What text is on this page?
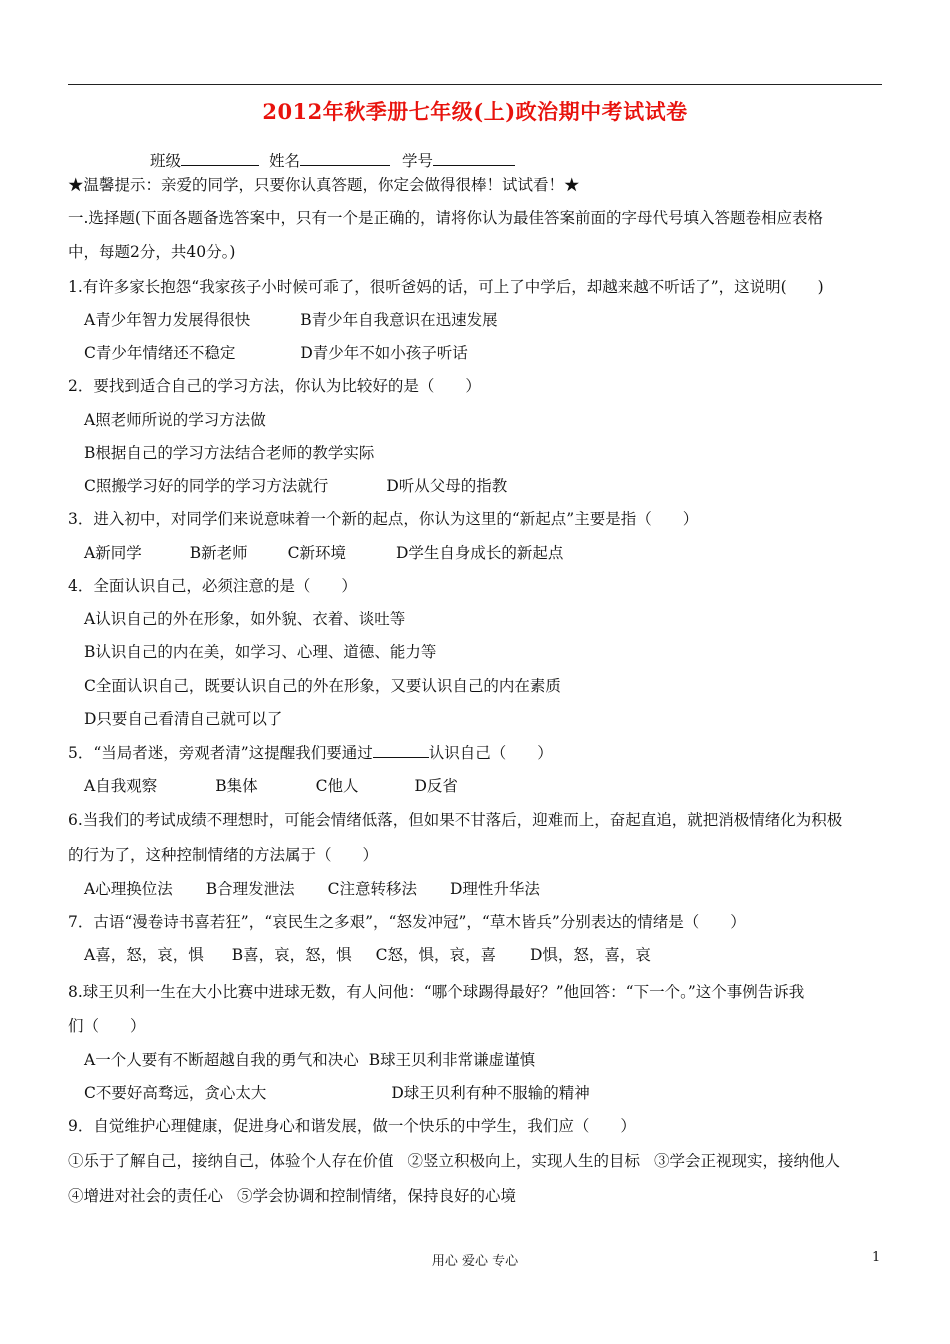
2012年秋季册七年级(上)政治期中考试试卷
班级	姓名	学号
★温馨提示：亲爱的同学，只要你认真答题，你定会做得很棒！试试看！★
一.选择题(下面各题备选答案中，只有一个是正确的，请将你认为最佳答案前面的字母代号填入答题卷相应表格
中，每题2分，共40分。)
1.有许多家长抱怨“我家孩子小时候可乖了，很听爸妈的话，可上了中学后，却越来越不听话了”，这说明(　　)
A青少年智力发展得很快	B青少年自我意识在迅速发展
C青少年情绪还不稳定	D青少年不如小孩子听话
2．要找到适合自己的学习方法，你认为比较好的是（　　）
A照老师所说的学习方法做
B根据自己的学习方法结合老师的教学实际
C照搬学习好的同学的学习方法就行	D听从父母的指教
3．进入初中，对同学们来说意味着一个新的起点，你认为这里的“新起点”主要是指（　　）
A新同学	B新老师	C新环境	D学生自身成长的新起点
4．全面认识自己，必须注意的是（　　）
A认识自己的外在形象，如外貌、衣着、谈吐等
B认识自己的内在美，如学习、心理、道德、能力等
C全面认识自己，既要认识自己的外在形象，又要认识自己的内在素质
D只要自己看清自己就可以了
5．“当局者迷，旁观者清”这提醒我们要通过	认识自己（　　）
A自我观察	B集体	C他人	D反省
6.当我们的考试成绩不理想时，可能会情绪低落，但如果不甘落后，迎难而上，奋起直追，就把消极情绪化为积极
的行为了，这种控制情绪的方法属于（　　）
A心理换位法 B合理发泄法 C注意转移法 D理性升华法
7．古语“漫卷诗书喜若狂”，“哀民生之多艰”，“怒发冲冠”，“草木皆兵”分别表达的情绪是（　　）
A喜，怒，哀，惧 B喜，哀，怒，惧 C怒，惧，哀，喜 D惧，怒，喜，哀
8.球王贝利一生在大小比赛中进球无数，有人问他：“哪个球踢得最好？”他回答：“下一个。”这个事例告诉我
们（　　）
A一个人要有不断超越自我的勇气和决心 B球王贝利非常谦虚谨慎
C不要好高骛远，贪心太大	D球王贝利有种不服输的精神
9．自觉维护心理健康，促进身心和谐发展，做一个快乐的中学生，我们应（　　）
①乐于了解自己，接纳自己，体验个人存在价值 ②竖立积极向上，实现人生的目标 ③学会正视现实，接纳他人
④增进对社会的责任心 ⑤学会协调和控制情绪，保持良好的心境
用心 爱心 专心	1
